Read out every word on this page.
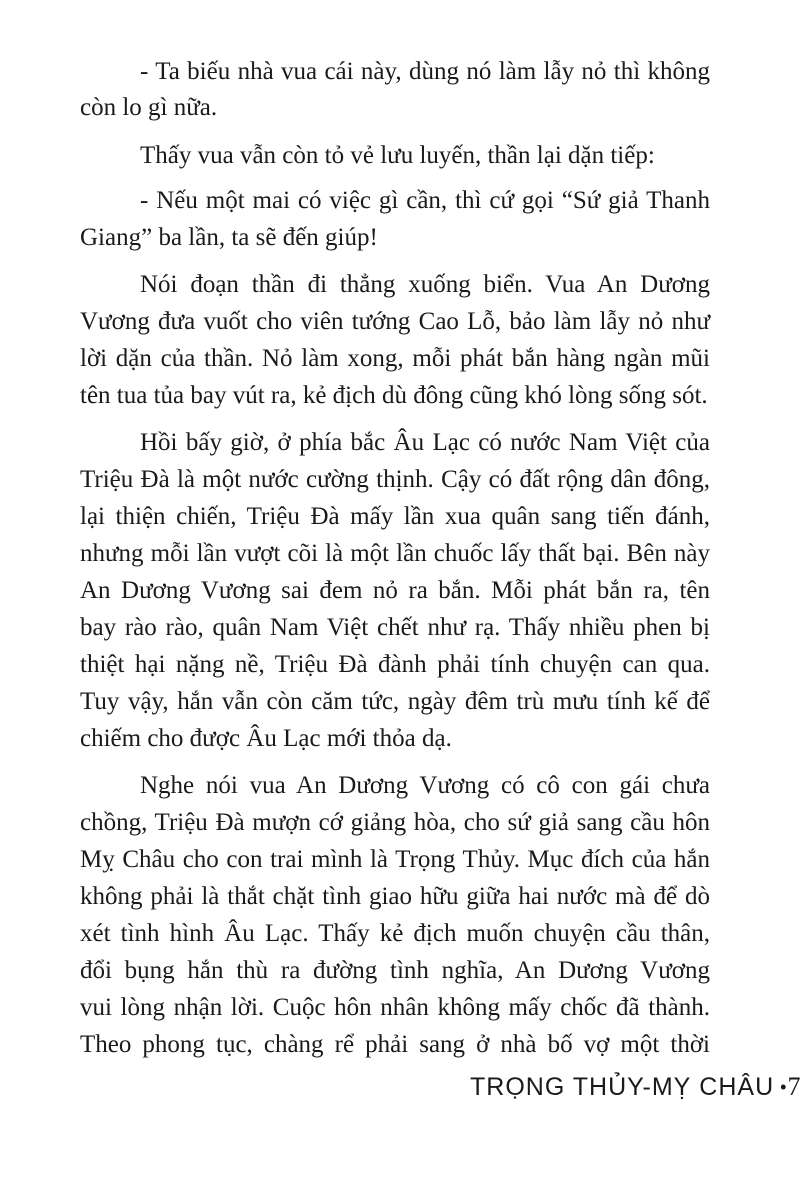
- Ta biếu nhà vua cái này, dùng nó làm lẫy nỏ thì không
còn lo gì nữa.
Thấy vua vẫn còn tỏ vẻ lưu luyến, thần lại dặn tiếp:
- Nếu một mai có việc gì cần, thì cứ gọi “Sứ giả Thanh
Giang” ba lần, ta sẽ đến giúp!
Nói đoạn thần đi thẳng xuống biển. Vua An Dương
Vương đưa vuốt cho viên tướng Cao Lỗ, bảo làm lẫy nỏ như
lời dặn của thần. Nỏ làm xong, mỗi phát bắn hàng ngàn mũi
tên tua tủa bay vút ra, kẻ địch dù đông cũng khó lòng sống sót.
Hồi bấy giờ, ở phía bắc Âu Lạc có nước Nam Việt của
Triệu Đà là một nước cường thịnh. Cậy có đất rộng dân đông,
lại thiện chiến, Triệu Đà mấy lần xua quân sang tiến đánh,
nhưng mỗi lần vượt cõi là một lần chuốc lấy thất bại. Bên này
An Dương Vương sai đem nỏ ra bắn. Mỗi phát bắn ra, tên
bay rào rào, quân Nam Việt chết như rạ. Thấy nhiều phen bị
thiệt hại nặng nề, Triệu Đà đành phải tính chuyện can qua.
Tuy vậy, hắn vẫn còn căm tức, ngày đêm trù mưu tính kế để
chiếm cho được Âu Lạc mới thỏa dạ.
Nghe nói vua An Dương Vương có cô con gái chưa
chồng, Triệu Đà mượn cớ giảng hòa, cho sứ giả sang cầu hôn
Mỵ Châu cho con trai mình là Trọng Thủy. Mục đích của hắn
không phải là thắt chặt tình giao hữu giữa hai nước mà để dò
xét tình hình Âu Lạc. Thấy kẻ địch muốn chuyện cầu thân,
đổi bụng hắn thù ra đường tình nghĩa, An Dương Vương
vui lòng nhận lời. Cuộc hôn nhân không mấy chốc đã thành.
Theo phong tục, chàng rể phải sang ở nhà bố vợ một thời
TRỌNG THỦY-MỴ CHÂU •7
